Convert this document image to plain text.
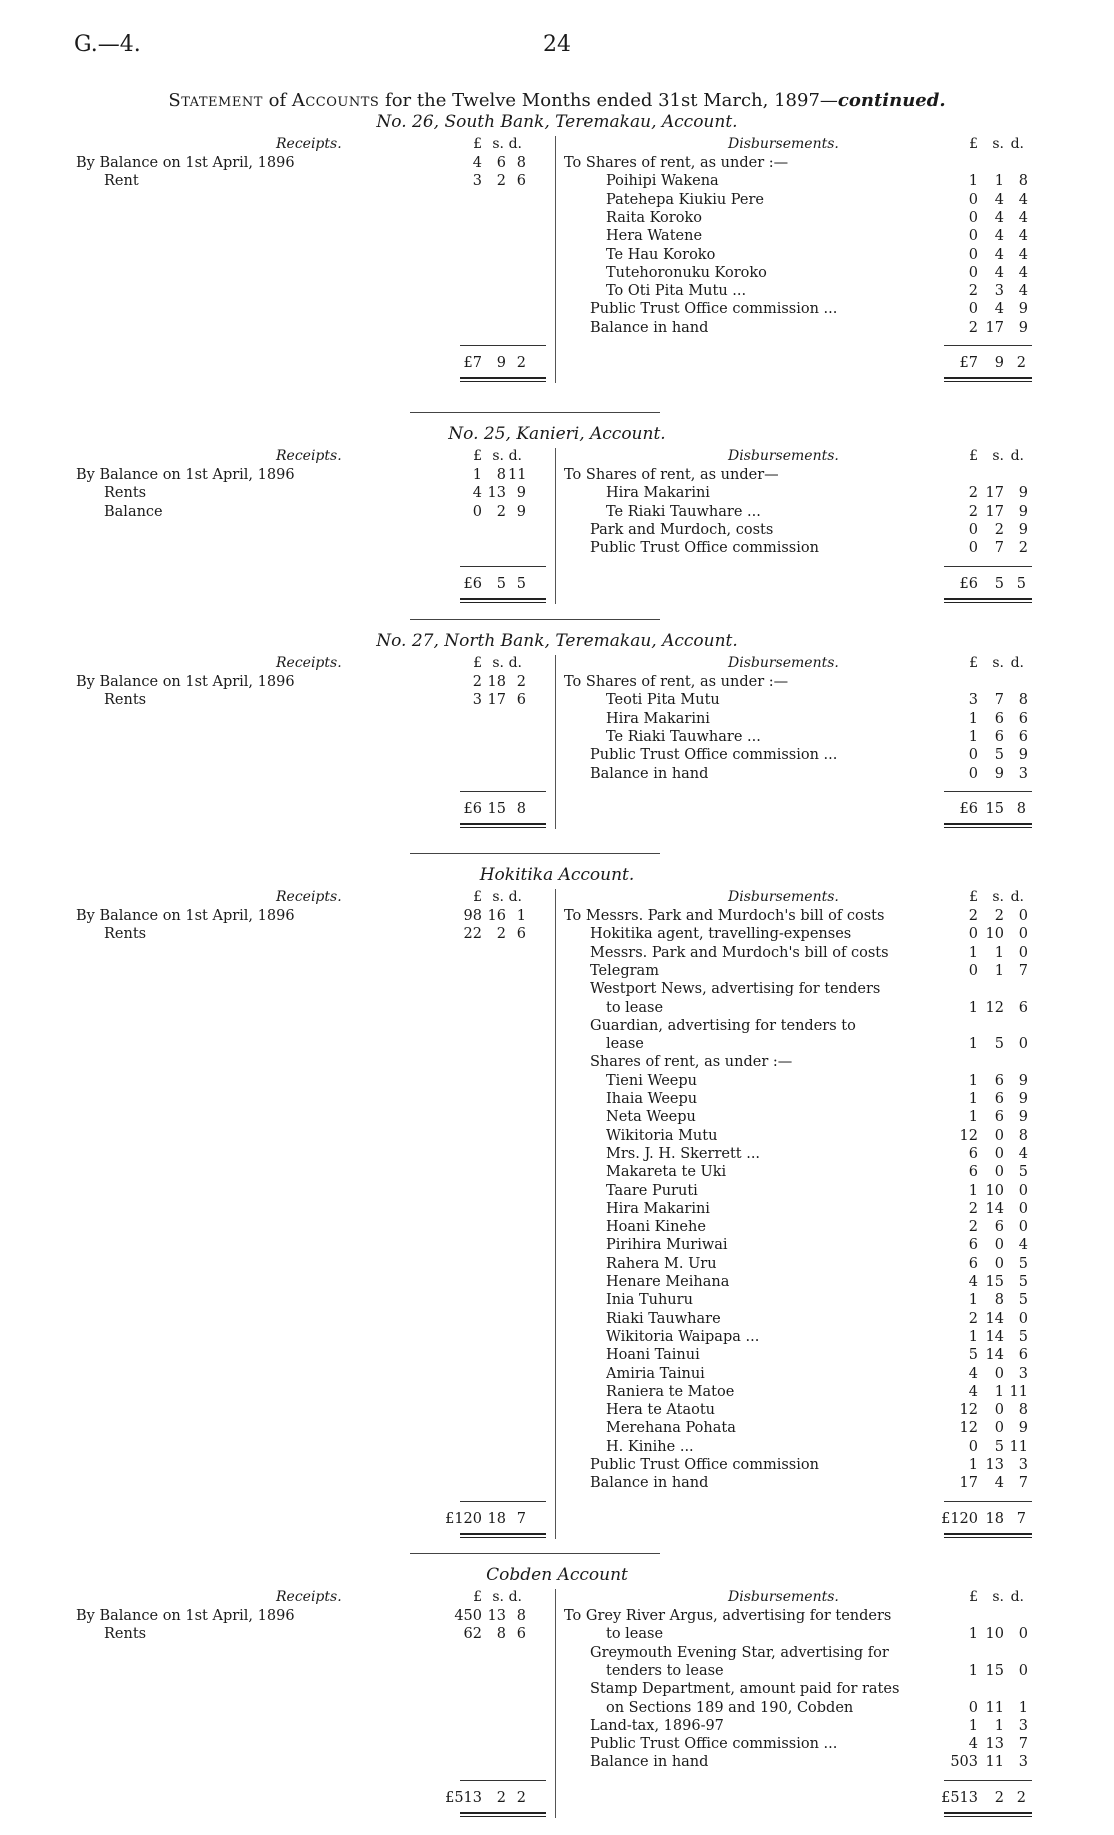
G.—4.	24
Statement of Accounts for the Twelve Months ended 31st March, 1897—continued.
No. 26, South Bank, Teremakau, Account.
Receipts.	Disbursements.
£ s. d.	£ s. d.
By Balance on 1st April, 1896	4	6 8
Rent	3	2 6
To Shares of rent, as under :—
Poihipi Wakena	1	1	8
Patehepa Kiukiu Pere	0	4	4
Raita Koroko	0	4	4
Hera Watene	0	4	4
Te Hau Koroko	0	4	4
Tutehoronuku Koroko	0	4	4
To Oti Pita Mutu ...	2	3	4
Public Trust Office commission ...	0	4	9
Balance in hand	2 17	9
£7 9 2	£7 9 2
No. 25, Kanieri, Account.
Receipts.	Disbursements.
£ s. d.	£ s. d.
By Balance on 1st April, 1896	1	8 11
Rents	4 13 9
Balance	0	2 9
To Shares of rent, as under—
Hira Makarini	2 17	9
Te Riaki Tauwhare ...	2 17	9
Park and Murdoch, costs	0	2	9
Public Trust Office commission	0	7	2
£6 5 5	£6 5 5
No. 27, North Bank, Teremakau, Account.
Receipts.	Disbursements.
£ s. d.	£ s. d.
By Balance on 1st April, 1896	2 18 2
Rents	3 17 6
To Shares of rent, as under :—
Teoti Pita Mutu	3	7	8
Hira Makarini	1	6	6
Te Riaki Tauwhare ...	1	6	6
Public Trust Office commission ...	0	5	9
Balance in hand	0	9	3
£6 15 8	£6 15 8
Hokitika Account.
Receipts.	Disbursements.
£ s. d.	£ s. d.
By Balance on 1st April, 1896	98 16 1
Rents	22	2 6
To Messrs. Park and Murdoch's bill of costs	2	2	0
Hokitika agent, travelling-expenses	0 10	0
Messrs. Park and Murdoch's bill of costs	1	1	0
Telegram	0	1	7
Westport News, advertising for tenders
to lease	1 12	6
Guardian, advertising for tenders to
lease	1	5	0
Shares of rent, as under :—
Tieni Weepu	1	6	9
Ihaia Weepu	1	6	9
Neta Weepu	1	6	9
Wikitoria Mutu	12	0	8
Mrs. J. H. Skerrett ...	6	0	4
Makareta te Uki	6	0	5
Taare Puruti	1 10	0
Hira Makarini	2 14	0
Hoani Kinehe	2	6	0
Pirihira Muriwai	6	0	4
Rahera M. Uru	6	0	5
Henare Meihana	4 15	5
Inia Tuhuru	1	8	5
Riaki Tauwhare	2 14	0
Wikitoria Waipapa ...	1 14	5
Hoani Tainui	5 14	6
Amiria Tainui	4	0	3
Raniera te Matoe	4	1 11
Hera te Ataotu	12	0	8
Merehana Pohata	12	0	9
H. Kinihe ...	0	5 11
Public Trust Office commission	1 13	3
Balance in hand	17	4	7
£120 18 7	£120 18 7
Cobden Account
Receipts.	Disbursements.
£ s. d.	£ s. d.
By Balance on 1st April, 1896	450 13 8
Rents	62	8 6
To Grey River Argus, advertising for tenders
to lease	1 10	0
Greymouth Evening Star, advertising for
tenders to lease	1 15	0
Stamp Department, amount paid for rates
on Sections 189 and 190, Cobden	0 11	1
Land-tax, 1896-97	1	1	3
Public Trust Office commission ...	4 13	7
Balance in hand	503 11	3
£513 2 2	£513 2 2
